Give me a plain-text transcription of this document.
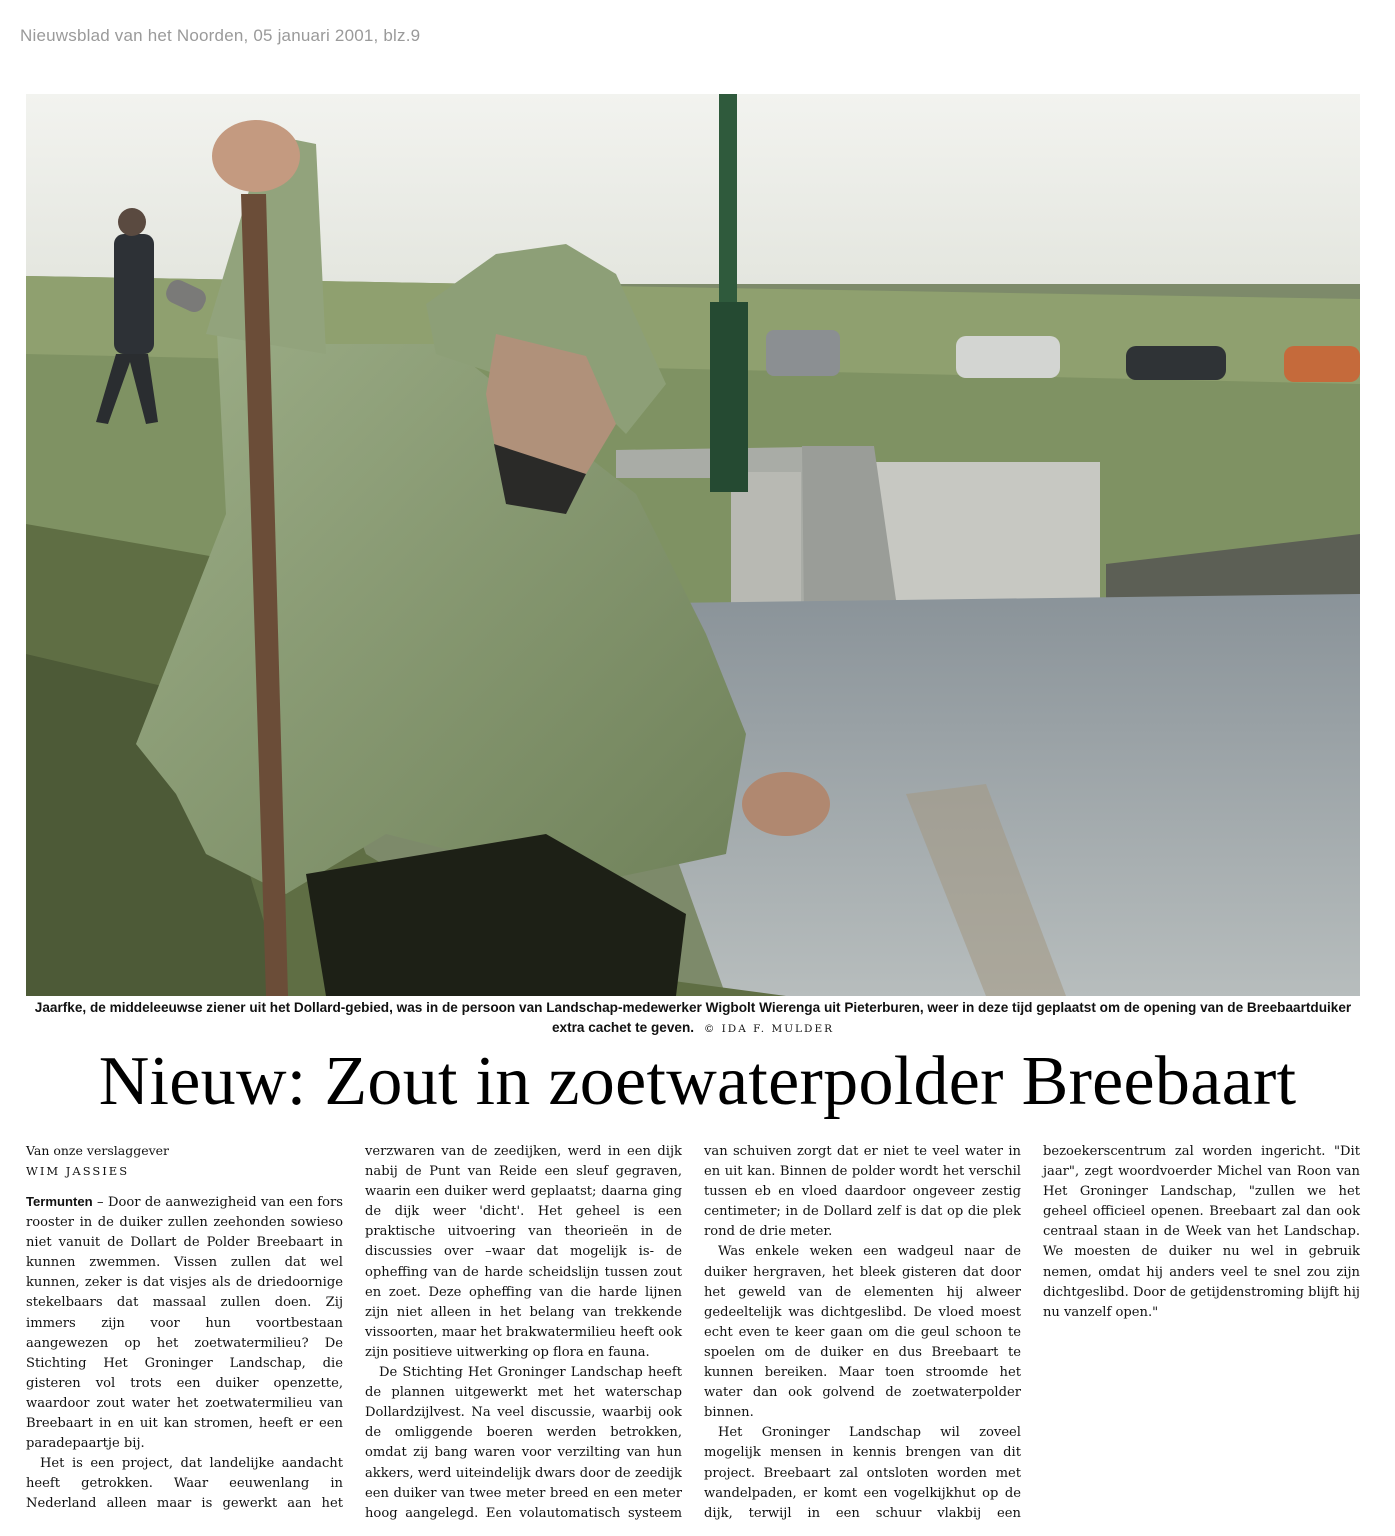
Nieuwsblad van het Noorden, 05 januari 2001, blz.9
Jaarfke, de middeleeuwse ziener uit het Dollard-gebied, was in de persoon van Landschap-medewerker Wigbolt Wierenga uit Pieterburen, weer in deze tijd geplaatst om de opening van de Breebaartduiker extra cachet te geven. © IDA F. MULDER
Nieuw: Zout in zoetwaterpolder Breebaart
Van onze verslaggever
WIM JASSIES

Termunten – Door de aanwezigheid van een fors rooster in de duiker zullen zeehonden sowieso niet vanuit de Dollart de Polder Breebaart in kunnen zwemmen. Vissen zullen dat wel kunnen, zeker is dat visjes als de driedoornige stekelbaars dat massaal zullen doen. Zij immers zijn voor hun voortbestaan aangewezen op het zoetwatermilieu? De Stichting Het Groninger Landschap, die gisteren vol trots een duiker openzette, waardoor zout water het zoetwatermilieu van Breebaart in en uit kan stromen, heeft er een paradepaartje bij.

Het is een project, dat landelijke aandacht heeft getrokken. Waar eeuwenlang in Nederland alleen maar is gewerkt aan het verzwaren van de zeedijken, werd in een dijk nabij de Punt van Reide een sleuf gegraven, waarin een duiker werd geplaatst; daarna ging de dijk weer 'dicht'. Het geheel is een praktische uitvoering van theorieën in de discussies over –waar dat mogelijk is- de opheffing van de harde scheidslijn tussen zout en zoet. Deze opheffing van die harde lijnen zijn niet alleen in het belang van trekkende vissoorten, maar het brakwatermilieu heeft ook zijn positieve uitwerking op flora en fauna.

De Stichting Het Groninger Landschap heeft de plannen uitgewerkt met het waterschap Dollardzijlvest. Na veel discussie, waarbij ook de omliggende boeren werden betrokken, omdat zij bang waren voor verzilting van hun akkers, werd uiteindelijk dwars door de zeedijk een duiker van twee meter breed en een meter hoog aangelegd. Een volautomatisch systeem van schuiven zorgt dat er niet te veel water in en uit kan. Binnen de polder wordt het verschil tussen eb en vloed daardoor ongeveer zestig centimeter; in de Dollard zelf is dat op die plek rond de drie meter.

Was enkele weken een wadgeul naar de duiker hergraven, het bleek gisteren dat door het geweld van de elementen hij alweer gedeeltelijk was dichtgeslibd. De vloed moest echt even te keer gaan om die geul schoon te spoelen om de duiker en dus Breebaart te kunnen bereiken. Maar toen stroomde het water dan ook golvend de zoetwaterpolder binnen.

Het Groninger Landschap wil zoveel mogelijk mensen in kennis brengen van dit project. Breebaart zal ontsloten worden met wandelpaden, er komt een vogelkijkhut op de dijk, terwijl in een schuur vlakbij een bezoekerscentrum zal worden ingericht. "Dit jaar", zegt woordvoerder Michel van Roon van Het Groninger Landschap, "zullen we het geheel officieel openen. Breebaart zal dan ook centraal staan in de Week van het Landschap. We moesten de duiker nu wel in gebruik nemen, omdat hij anders veel te snel zou zijn dichtgeslibd. Door de getijdenstroming blijft hij nu vanzelf open."
